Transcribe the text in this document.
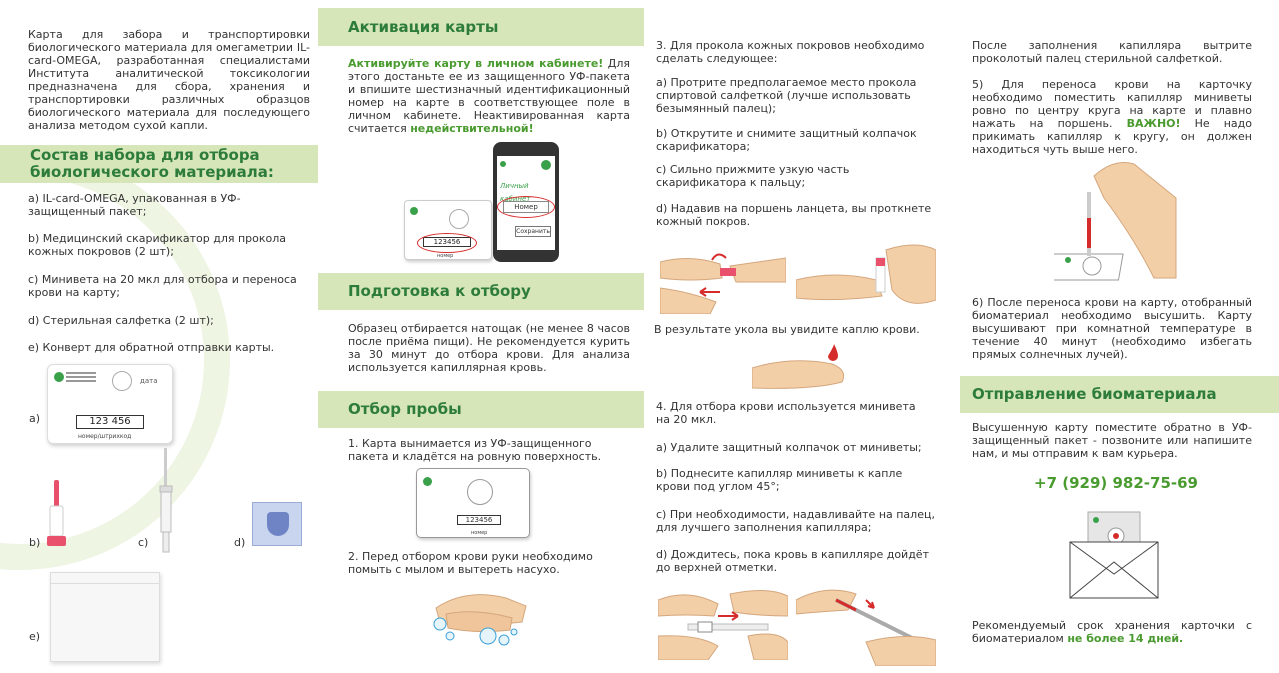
Карта для забора и транспортировки биологического материала для омегаметрии IL-card-OMEGA, разработанная специалистами Института аналитической токсикологии предназначена для сбора, хранения и транспортировки различных образцов биологического материала для последующего анализа методом сухой капли.
Состав набора для отбора
биологического материала:
a) IL-card-OMEGA, упакованная в УФ-защищенный пакет;
b) Медицинский скарификатор для прокола кожных покровов (2 шт);
c) Минивета на 20 мкл для отбора и переноса крови на карту;
d) Стерильная салфетка (2 шт);
e) Конверт для обратной отправки карты.
дата
123 456
номер/штрихкод
a)
b)	c)	d)
e)
Активация карты
Активируйте карту в личном кабинете! Для этого достаньте ее из защищенного УФ-пакета и впишите шестизначный идентификационный номер на карте в соответствующее поле в личном кабинете. Неактивированная карта считается недействительной!
123456
номер
Личный кабинет
Номер
Сохранить
Подготовка к отбору
Образец отбирается натощак (не менее 8 часов после приёма пищи). Не рекомендуется курить за 30 минут до отбора крови. Для анализа используется капиллярная кровь.
Отбор пробы
1. Карта вынимается из УФ-защищенного пакета и кладётся на ровную поверхность.
123456
номер
2. Перед отбором крови руки необходимо помыть с мылом и вытереть насухо.
3. Для прокола кожных покровов необходимо сделать следующее:
a) Протрите предполагаемое место прокола спиртовой салфеткой (лучше использовать безымянный палец);
b) Открутите и снимите защитный колпачок скарификатора;
c) Сильно прижмите узкую часть скарификатора к пальцу;
d) Надавив на поршень ланцета, вы проткнете кожный покров.
В результате укола вы увидите каплю крови.
4. Для отбора крови используется минивета на 20 мкл.
a) Удалите защитный колпачок от миниветы;
b) Поднесите капилляр миниветы к капле крови под углом 45°;
c) При необходимости, надавливайте на палец, для лучшего заполнения капилляра;
d) Дождитесь, пока кровь в капилляре дойдёт до верхней отметки.
После заполнения капилляра вытрите проколотый палец стерильной салфеткой.
5) Для переноса крови на карточку необходимо поместить капилляр миниветы ровно по центру круга на карте и плавно нажать на поршень. ВАЖНО! Не надо прикимать капилляр к кругу, он должен находиться чуть выше него.
6) После переноса крови на карту, отобранный биоматериал необходимо высушить. Карту высушивают при комнатной температуре в течение 40 минут (необходимо избегать прямых солнечных лучей).
Отправление биоматериала
Высушенную карту поместите обратно в УФ-защищенный пакет - позвоните или напишите нам, и мы отправим к вам курьера.
+7 (929) 982-75-69
Рекомендуемый срок хранения карточки с биоматериалом не более 14 дней.
